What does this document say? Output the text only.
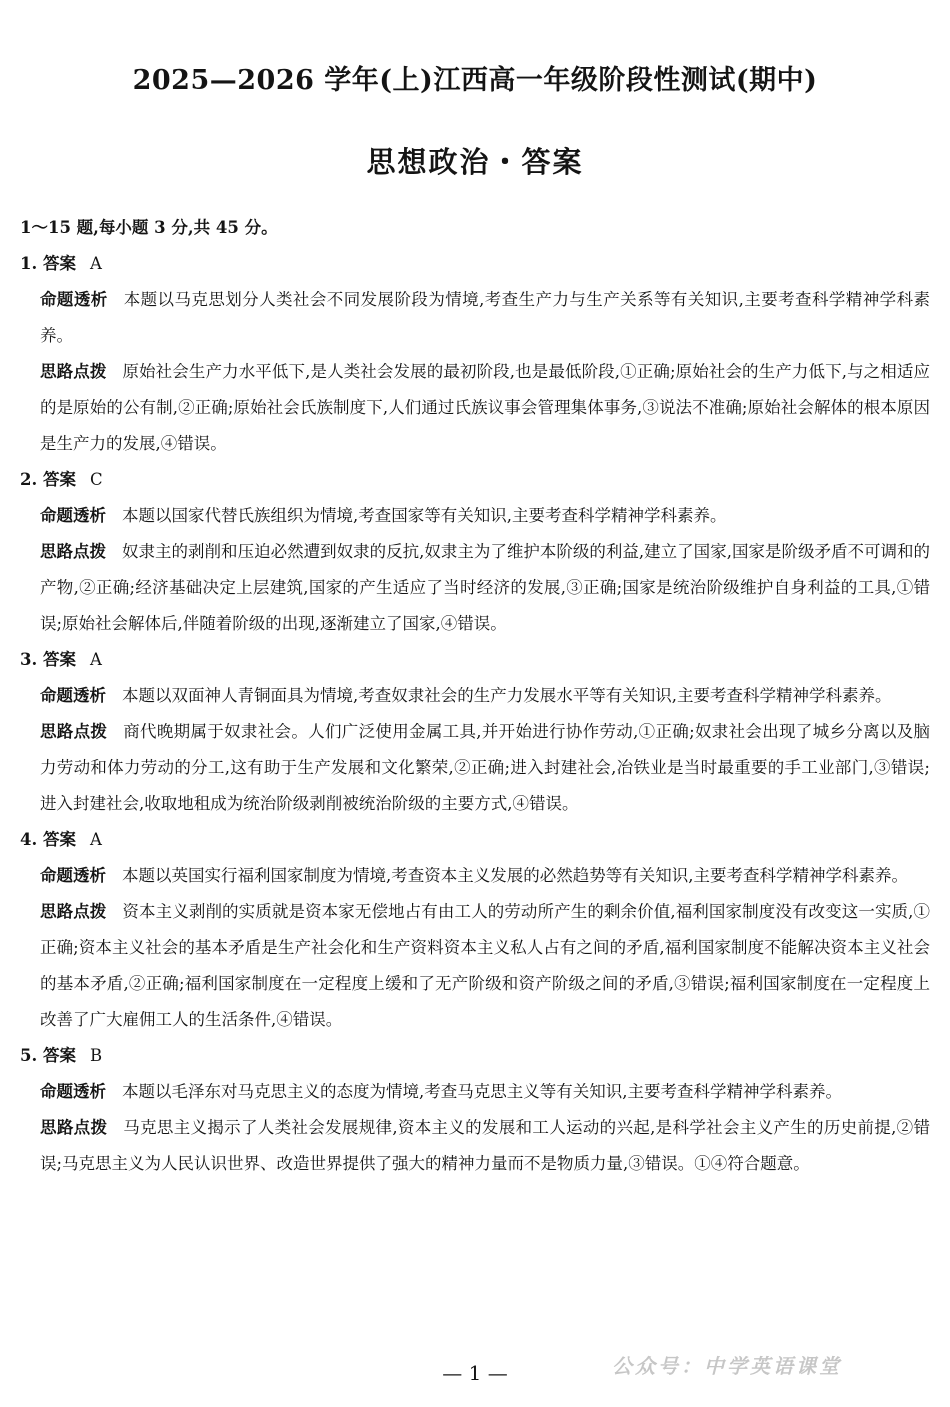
2025—2026 学年(上)江西高一年级阶段性测试(期中)
思想政治・答案
1～15 题,每小题 3 分,共 45 分。
1. 答案 A
命题透析 本题以马克思划分人类社会不同发展阶段为情境,考查生产力与生产关系等有关知识,主要考查科学精神学科素养。
思路点拨 原始社会生产力水平低下,是人类社会发展的最初阶段,也是最低阶段,①正确;原始社会的生产力低下,与之相适应的是原始的公有制,②正确;原始社会氏族制度下,人们通过氏族议事会管理集体事务,③说法不准确;原始社会解体的根本原因是生产力的发展,④错误。
2. 答案 C
命题透析 本题以国家代替氏族组织为情境,考查国家等有关知识,主要考查科学精神学科素养。
思路点拨 奴隶主的剥削和压迫必然遭到奴隶的反抗,奴隶主为了维护本阶级的利益,建立了国家,国家是阶级矛盾不可调和的产物,②正确;经济基础决定上层建筑,国家的产生适应了当时经济的发展,③正确;国家是统治阶级维护自身利益的工具,①错误;原始社会解体后,伴随着阶级的出现,逐渐建立了国家,④错误。
3. 答案 A
命题透析 本题以双面神人青铜面具为情境,考查奴隶社会的生产力发展水平等有关知识,主要考查科学精神学科素养。
思路点拨 商代晚期属于奴隶社会。人们广泛使用金属工具,并开始进行协作劳动,①正确;奴隶社会出现了城乡分离以及脑力劳动和体力劳动的分工,这有助于生产发展和文化繁荣,②正确;进入封建社会,冶铁业是当时最重要的手工业部门,③错误;进入封建社会,收取地租成为统治阶级剥削被统治阶级的主要方式,④错误。
4. 答案 A
命题透析 本题以英国实行福利国家制度为情境,考查资本主义发展的必然趋势等有关知识,主要考查科学精神学科素养。
思路点拨 资本主义剥削的实质就是资本家无偿地占有由工人的劳动所产生的剩余价值,福利国家制度没有改变这一实质,①正确;资本主义社会的基本矛盾是生产社会化和生产资料资本主义私人占有之间的矛盾,福利国家制度不能解决资本主义社会的基本矛盾,②正确;福利国家制度在一定程度上缓和了无产阶级和资产阶级之间的矛盾,③错误;福利国家制度在一定程度上改善了广大雇佣工人的生活条件,④错误。
5. 答案 B
命题透析 本题以毛泽东对马克思主义的态度为情境,考查马克思主义等有关知识,主要考查科学精神学科素养。
思路点拨 马克思主义揭示了人类社会发展规律,资本主义的发展和工人运动的兴起,是科学社会主义产生的历史前提,②错误;马克思主义为人民认识世界、改造世界提供了强大的精神力量而不是物质力量,③错误。①④符合题意。
公众号：中学英语课堂
— 1 —
